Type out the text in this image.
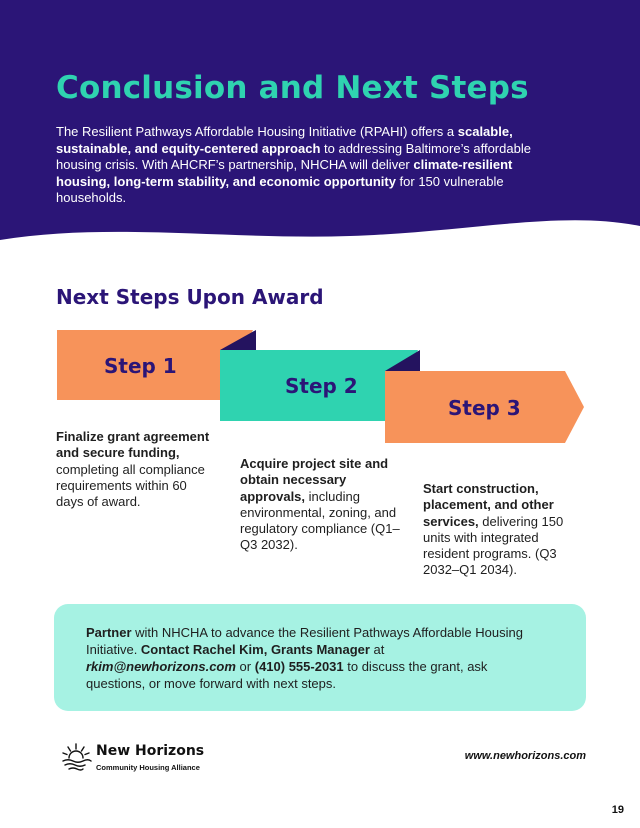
Conclusion and Next Steps
The Resilient Pathways Affordable Housing Initiative (RPAHI) offers a scalable, sustainable, and equity-centered approach to addressing Baltimore’s affordable housing crisis. With AHCRF’s partnership, NHCHA will deliver climate-resilient housing, long-term stability, and economic opportunity for 150 vulnerable households.
Next Steps Upon Award
Step 1
Step 2
Step 3
Finalize grant agreement and secure funding, completing all compliance requirements within 60 days of award.
Acquire project site and obtain necessary approvals, including environmental, zoning, and regulatory compliance (Q1–Q3 2032).
Start construction, placement, and other services, delivering 150 units with integrated resident programs. (Q3 2032–Q1 2034).
Partner with NHCHA to advance the Resilient Pathways Affordable Housing Initiative. Contact Rachel Kim, Grants Manager at rkim@newhorizons.com or (410) 555-2031 to discuss the grant, ask questions, or move forward with next steps.
New Horizons
Community Housing Alliance
www.newhorizons.com
19
